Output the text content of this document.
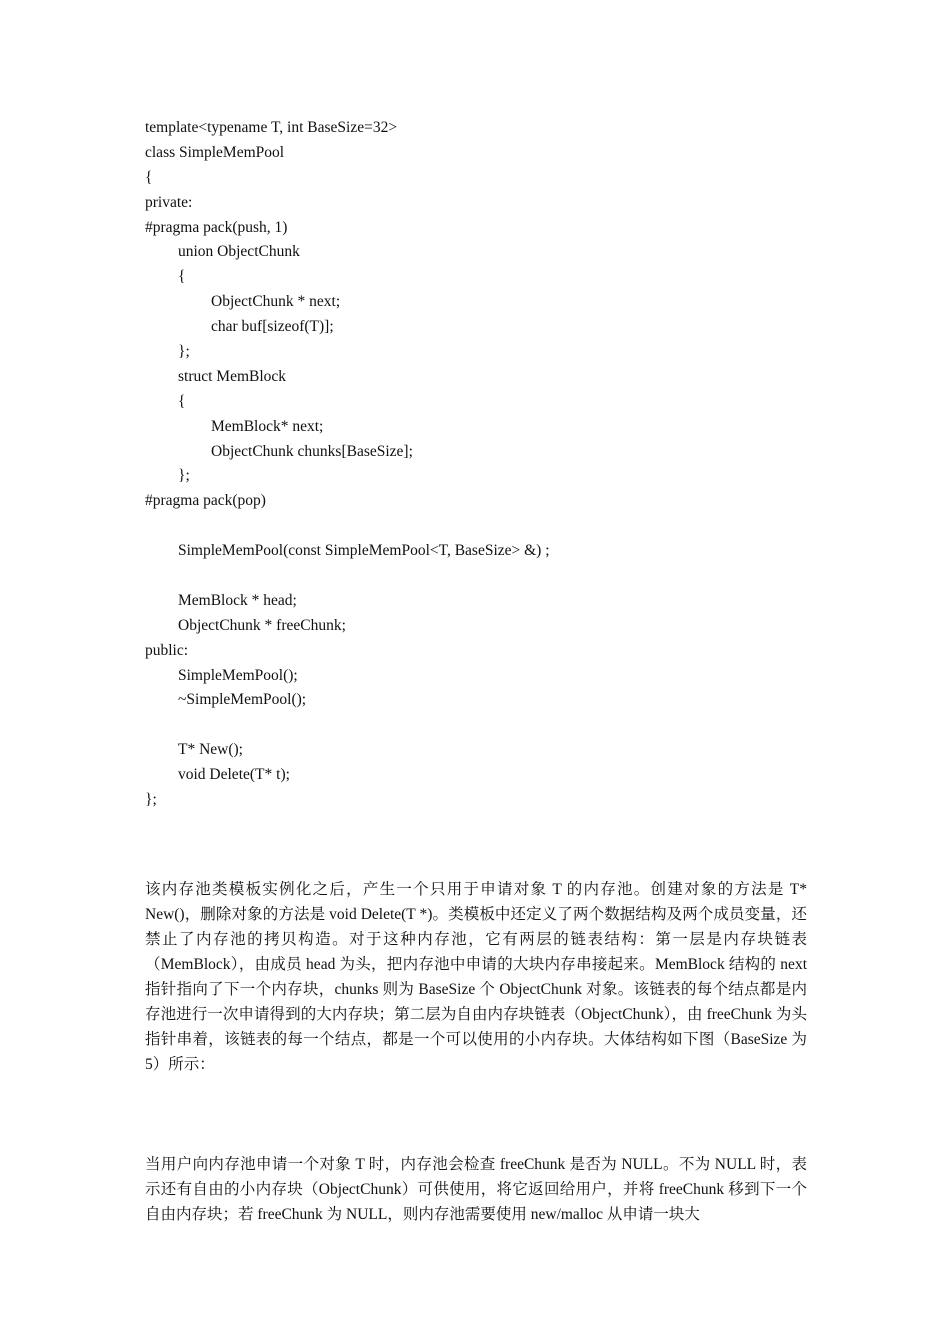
template<typename T, int BaseSize=32>
class SimpleMemPool
{
private:
#pragma pack(push, 1)
union ObjectChunk
{
ObjectChunk * next;
char buf[sizeof(T)];
};
struct MemBlock
{
MemBlock* next;
ObjectChunk chunks[BaseSize];
};
#pragma pack(pop)
SimpleMemPool(const SimpleMemPool<T, BaseSize> &) ;
MemBlock * head;
ObjectChunk * freeChunk;
public:
SimpleMemPool();
~SimpleMemPool();
T* New();
void Delete(T* t);
};

该内存池类模板实例化之后，产生一个只用于申请对象 T 的内存池。创建对象的方法是 T* New()，删除对象的方法是 void Delete(T *)。类模板中还定义了两个数据结构及两个成员变量，还禁止了内存池的拷贝构造。对于这种内存池，它有两层的链表结构：第一层是内存块链表（MemBlock），由成员 head 为头，把内存池中申请的大块内存串接起来。MemBlock 结构的 next 指针指向了下一个内存块，chunks 则为 BaseSize 个 ObjectChunk 对象。该链表的每个结点都是内存池进行一次申请得到的大内存块；第二层为自由内存块链表（ObjectChunk），由 freeChunk 为头指针串着，该链表的每一个结点，都是一个可以使用的小内存块。大体结构如下图（BaseSize 为 5）所示：

当用户向内存池申请一个对象 T 时，内存池会检查 freeChunk 是否为 NULL。不为 NULL 时，表示还有自由的小内存块（ObjectChunk）可供使用，将它返回给用户，并将 freeChunk 移到下一个自由内存块；若 freeChunk 为 NULL，则内存池需要使用 new/malloc 从申请一块大
